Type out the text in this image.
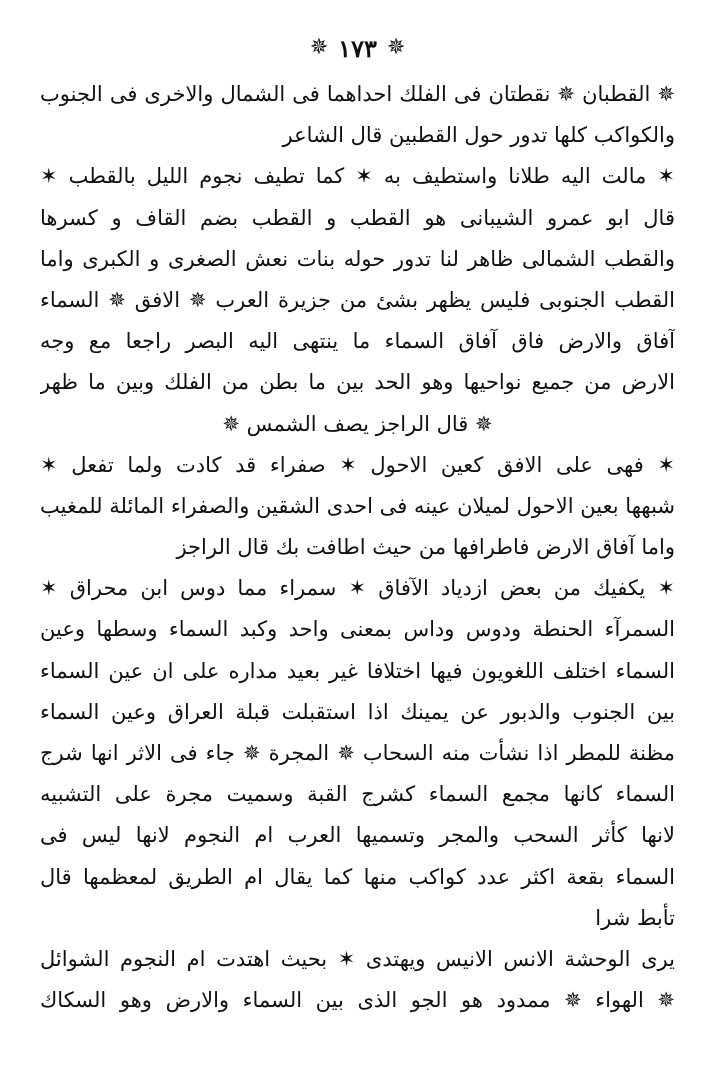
✵
١٧٣
✵
✵ القطبان ✵ نقطتان فی الفلك احداهما فی الشمال والاخری فی الجنوب
والکواکب کلها تدور حول القطبین قال الشاعر
✶ مالت الیه طلانا واستطیف به ✶ کما تطیف نجوم اللیل بالقطب ✶
قال ابو عمرو الشیبانی هو القطب و القطب بضم القاف و کسرها
والقطب الشمالی ظاهر لنا تدور حوله بنات نعش الصغری و الکبری واما
القطب الجنوبی فلیس یظهر بشئ من جزیرة العرب ✵ الافق ✵ السماء
آفاق والارض فاق آفاق السماء ما ینتهی الیه البصر راجعا مع وجه
الارض من جمیع نواحیها وهو الحد بین ما بطن من الفلك وبین ما ظهر
✵ قال الراجز یصف الشمس ✵
✶ فهی علی الافق کعین الاحول ✶ صفراء قد کادت ولما تفعل ✶
شبهها بعین الاحول لمیلان عینه فی احدی الشقین والصفراء المائلة للمغیب
واما آفاق الارض فاطرافها من حیث اطافت بك قال الراجز
✶ یکفیك من بعض ازدیاد الآفاق ✶ سمراء مما دوس ابن محراق ✶
السمرآء الحنطة ودوس وداس بمعنی واحد وکبد السماء وسطها وعین
السماء اختلف اللغویون فیها اختلافا غیر بعید مداره علی ان عین السماء
بین الجنوب والدبور عن یمینك اذا استقبلت قبلة العراق وعین السماء
مظنة للمطر اذا نشأت منه السحاب ✵ المجرة ✵ جاء فی الاثر انها شرج
السماء کانها مجمع السماء کشرج القبة وسمیت مجرة علی التشبیه
لانها کأثر السحب والمجر وتسمیها العرب ام النجوم لانها لیس فی
السماء بقعة اکثر عدد کواکب منها کما یقال ام الطریق لمعظمها قال
تأبط شرا
یری الوحشة الانس الانیس ویهتدی ✶ بحیث اهتدت ام النجوم الشوائل
✵ الهواء ✵ ممدود هو الجو الذی بین السماء والارض وهو السکاك
